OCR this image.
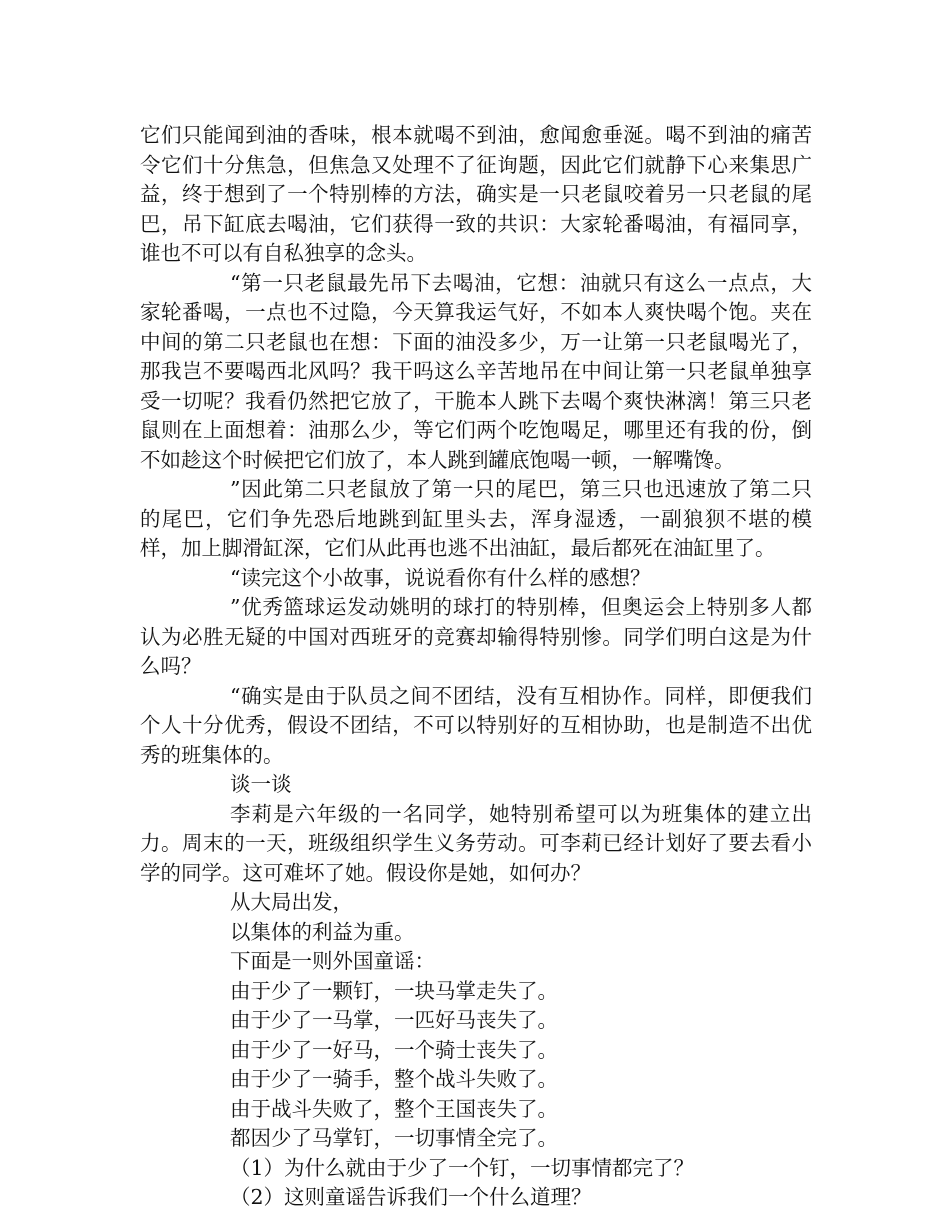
它们只能闻到油的香味，根本就喝不到油，愈闻愈垂涎。喝不到油的痛苦令它们十分焦急，但焦急又处理不了征询题，因此它们就静下心来集思广益，终于想到了一个特别棒的方法，确实是一只老鼠咬着另一只老鼠的尾巴，吊下缸底去喝油，它们获得一致的共识：大家轮番喝油，有福同享，谁也不可以有自私独享的念头。

“第一只老鼠最先吊下去喝油，它想：油就只有这么一点点，大家轮番喝，一点也不过隐，今天算我运气好，不如本人爽快喝个饱。夹在中间的第二只老鼠也在想：下面的油没多少，万一让第一只老鼠喝光了，那我岂不要喝西北风吗？我干吗这么辛苦地吊在中间让第一只老鼠单独享受一切呢？我看仍然把它放了，干脆本人跳下去喝个爽快淋漓！第三只老鼠则在上面想着：油那么少，等它们两个吃饱喝足，哪里还有我的份，倒不如趁这个时候把它们放了，本人跳到罐底饱喝一顿，一解嘴馋。

”因此第二只老鼠放了第一只的尾巴，第三只也迅速放了第二只的尾巴，它们争先恐后地跳到缸里头去，浑身湿透，一副狼狈不堪的模样，加上脚滑缸深，它们从此再也逃不出油缸，最后都死在油缸里了。

“读完这个小故事，说说看你有什么样的感想？

”优秀篮球运发动姚明的球打的特别棒，但奥运会上特别多人都认为必胜无疑的中国对西班牙的竞赛却输得特别惨。同学们明白这是为什么吗？

“确实是由于队员之间不团结，没有互相协作。同样，即便我们个人十分优秀，假设不团结，不可以特别好的互相协助，也是制造不出优秀的班集体的。

谈一谈

李莉是六年级的一名同学，她特别希望可以为班集体的建立出力。周末的一天，班级组织学生义务劳动。可李莉已经计划好了要去看小学的同学。这可难坏了她。假设你是她，如何办？

从大局出发，

以集体的利益为重。

下面是一则外国童谣：

由于少了一颗钉，一块马掌走失了。

由于少了一马掌，一匹好马丧失了。

由于少了一好马，一个骑士丧失了。

由于少了一骑手，整个战斗失败了。

由于战斗失败了，整个王国丧失了。

都因少了马掌钉，一切事情全完了。

（1）为什么就由于少了一个钉，一切事情都完了？

（2）这则童谣告诉我们一个什么道理？
